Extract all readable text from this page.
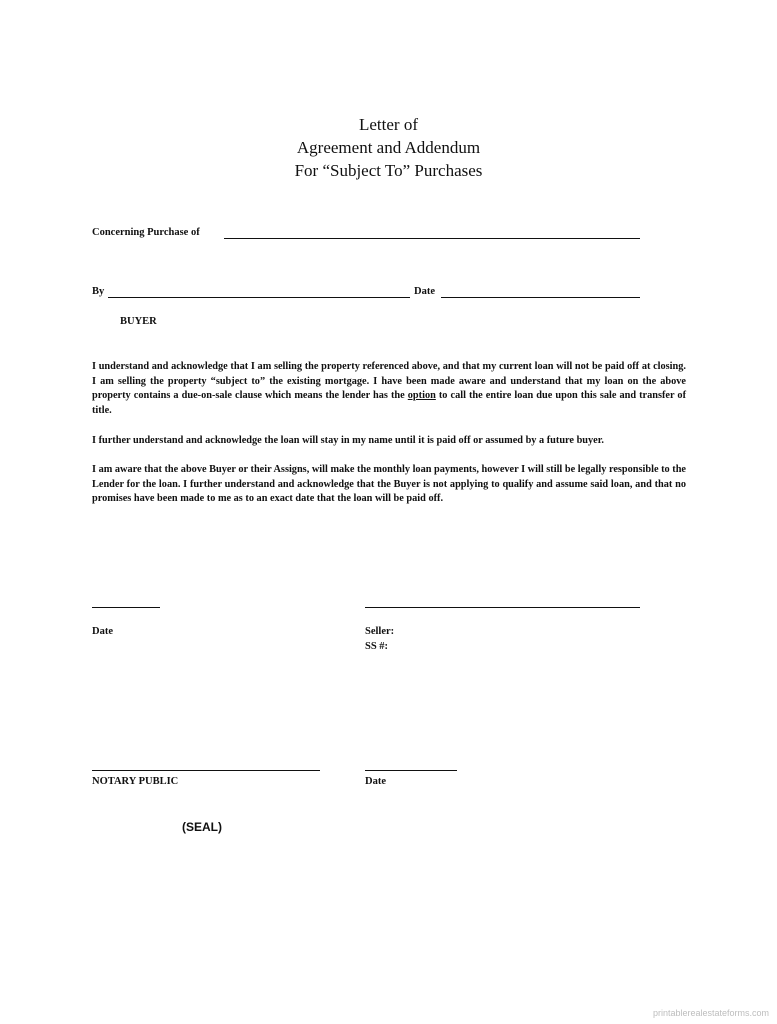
Letter of
Agreement and Addendum
For “Subject To” Purchases
Concerning Purchase of
By	Date
BUYER
I understand and acknowledge that I am selling the property referenced above, and that my current loan will not be paid off at closing. I am selling the property “subject to” the existing mortgage. I have been made aware and understand that my loan on the above property contains a due-on-sale clause which means the lender has the option to call the entire loan due upon this sale and transfer of title.
I further understand and acknowledge the loan will stay in my name until it is paid off or assumed by a future buyer.
I am aware that the above Buyer or their Assigns, will make the monthly loan payments, however I will still be legally responsible to the Lender for the loan. I further understand and acknowledge that the Buyer is not applying to qualify and assume said loan, and that no promises have been made to me as to an exact date that the loan will be paid off.
Date	Seller:
SS #:
NOTARY PUBLIC	Date
(SEAL)
printablerealestateforms.com
